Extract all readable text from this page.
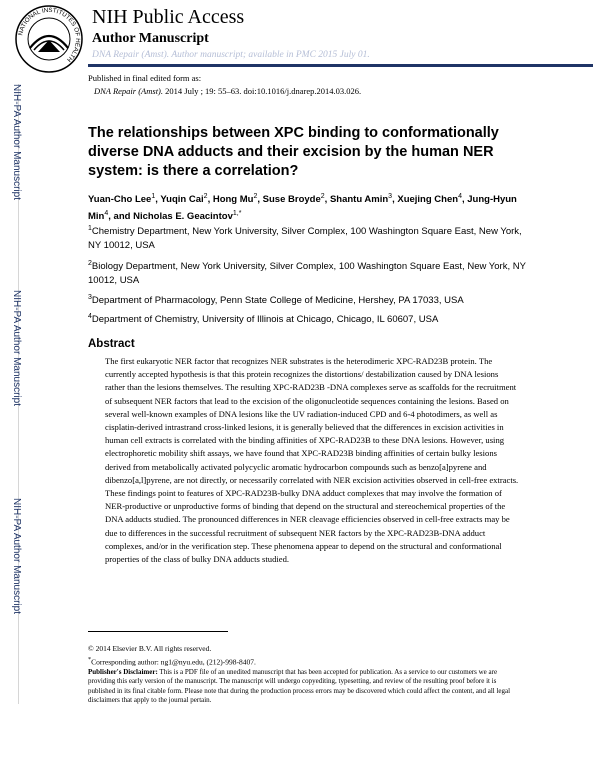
NATIONAL INSTITUTES OF HEALTH
NIH Public Access
Author Manuscript
DNA Repair (Amst). Author manuscript; available in PMC 2015 July 01.
Published in final edited form as:
DNA Repair (Amst). 2014 July ; 19: 55–63. doi:10.1016/j.dnarep.2014.03.026.
NIH-PA Author Manuscript
NIH-PA Author Manuscript
NIH-PA Author Manuscript
The relationships between XPC binding to conformationally diverse DNA adducts and their excision by the human NER system: is there a correlation?
Yuan-Cho Lee$^1$, Yuqin Cai$^2$, Hong Mu$^2$, Suse Broyde$^2$, Shantu Amin$^3$, Xuejing Chen$^4$, Jung-Hyun Min$^4$, and Nicholas E. Geacintov$^{1,*}$
$^1$Chemistry Department, New York University, Silver Complex, 100 Washington Square East, New York, NY 10012, USA
$^2$Biology Department, New York University, Silver Complex, 100 Washington Square East, New York, NY 10012, USA
$^3$Department of Pharmacology, Penn State College of Medicine, Hershey, PA 17033, USA
$^4$Department of Chemistry, University of Illinois at Chicago, Chicago, IL 60607, USA
Abstract
The first eukaryotic NER factor that recognizes NER substrates is the heterodimeric XPC-RAD23B protein. The currently accepted hypothesis is that this protein recognizes the distortions/ destabilization caused by DNA lesions rather than the lesions themselves. The resulting XPC-RAD23B -DNA complexes serve as scaffolds for the recruitment of subsequent NER factors that lead to the excision of the oligonucleotide sequences containing the lesions. Based on several well-known examples of DNA lesions like the UV radiation-induced CPD and 6-4 photodimers, as well as cisplatin-derived intrastrand cross-linked lesions, it is generally believed that the differences in excision activities in human cell extracts is correlated with the binding affinities of XPC-RAD23B to these DNA lesions. However, using electrophoretic mobility shift assays, we have found that XPC-RAD23B binding affinities of certain bulky lesions derived from metabolically activated polycyclic aromatic hydrocarbon compounds such as benzo[a]pyrene and dibenzo[a,l]pyrene, are not directly, or necessarily correlated with NER excision activities observed in cell-free extracts. These findings point to features of XPC-RAD23B-bulky DNA adduct complexes that may involve the formation of NER-productive or unproductive forms of binding that depend on the structural and stereochemical properties of the DNA adducts studied. The pronounced differences in NER cleavage efficiencies observed in cell-free extracts may be due to differences in the successful recruitment of subsequent NER factors by the XPC-RAD23B-DNA adduct complexes, and/or in the verification step. These phenomena appear to depend on the structural and conformational properties of the class of bulky DNA adducts studied.
© 2014 Elsevier B.V. All rights reserved.
*Corresponding author: ng1@nyu.edu, (212)-998-8407.
Publisher's Disclaimer: This is a PDF file of an unedited manuscript that has been accepted for publication. As a service to our customers we are providing this early version of the manuscript. The manuscript will undergo copyediting, typesetting, and review of the resulting proof before it is published in its final citable form. Please note that during the production process errors may be discovered which could affect the content, and all legal disclaimers that apply to the journal pertain.
